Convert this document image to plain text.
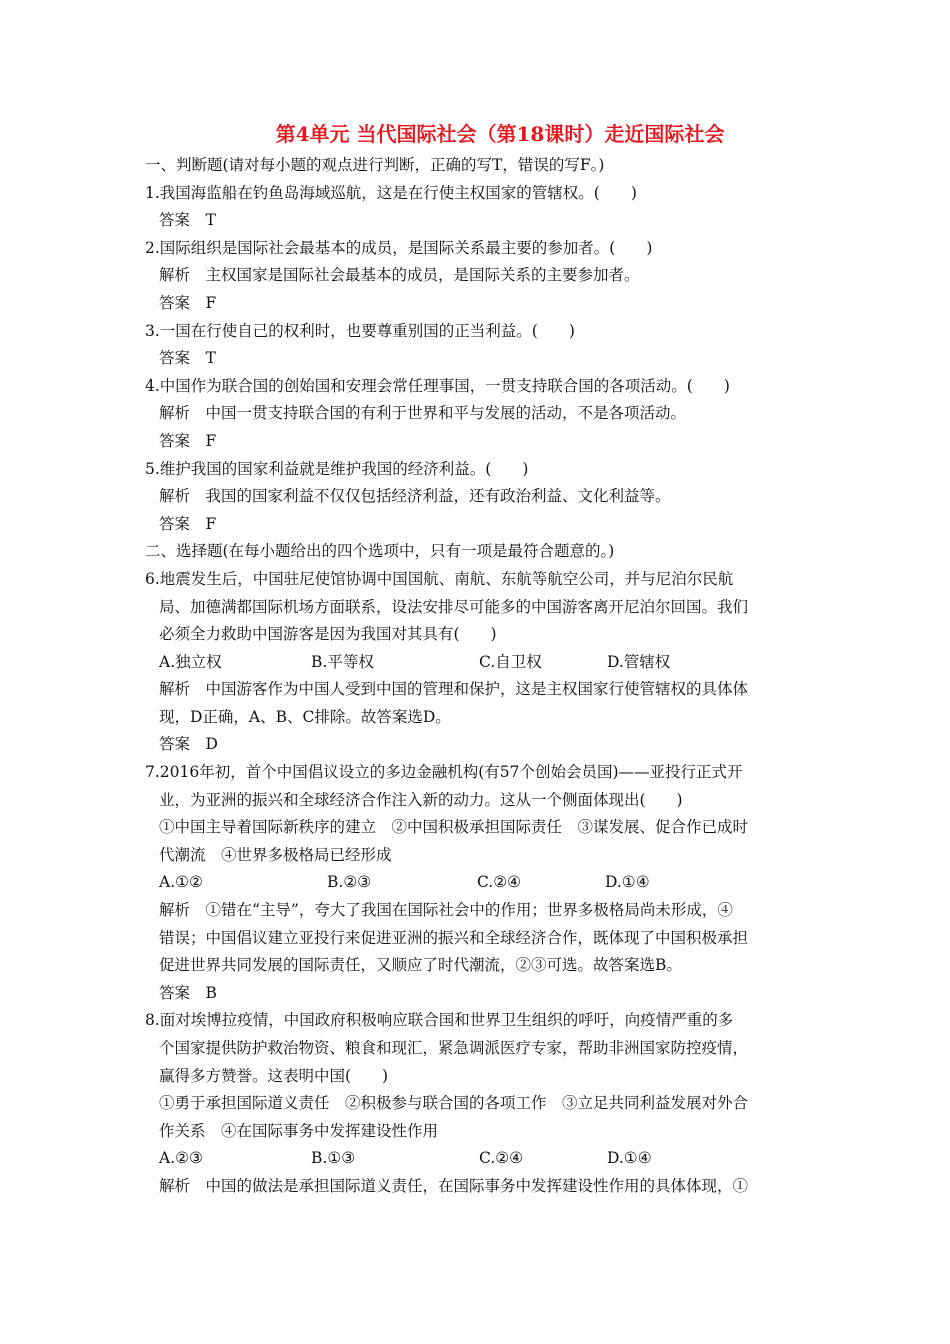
第4单元 当代国际社会（第18课时）走近国际社会
一、判断题(请对每小题的观点进行判断，正确的写T，错误的写F。)
1.我国海监船在钓鱼岛海域巡航，这是在行使主权国家的管辖权。(　　)
答案　T
2.国际组织是国际社会最基本的成员，是国际关系最主要的参加者。(　　)
解析　主权国家是国际社会最基本的成员，是国际关系的主要参加者。
答案　F
3.一国在行使自己的权利时，也要尊重别国的正当利益。(　　)
答案　T
4.中国作为联合国的创始国和安理会常任理事国，一贯支持联合国的各项活动。(　　)
解析　中国一贯支持联合国的有利于世界和平与发展的活动，不是各项活动。
答案　F
5.维护我国的国家利益就是维护我国的经济利益。(　　)
解析　我国的国家利益不仅仅包括经济利益，还有政治利益、文化利益等。
答案　F
二、选择题(在每小题给出的四个选项中，只有一项是最符合题意的。)
6.地震发生后，中国驻尼使馆协调中国国航、南航、东航等航空公司，并与尼泊尔民航
局、加德满都国际机场方面联系，设法安排尽可能多的中国游客离开尼泊尔回国。我们
必须全力救助中国游客是因为我国对其具有(　　)
A.独立权	B.平等权	C.自卫权	D.管辖权
解析　中国游客作为中国人受到中国的管理和保护，这是主权国家行使管辖权的具体体
现，D正确，A、B、C排除。故答案选D。
答案　D
7.2016年初，首个中国倡议设立的多边金融机构(有57个创始会员国)——亚投行正式开
业，为亚洲的振兴和全球经济合作注入新的动力。这从一个侧面体现出(　　)
①中国主导着国际新秩序的建立　②中国积极承担国际责任　③谋发展、促合作已成时
代潮流　④世界多极格局已经形成
A.①②	B.②③	C.②④	D.①④
解析　①错在“主导”，夸大了我国在国际社会中的作用；世界多极格局尚未形成，④
错误；中国倡议建立亚投行来促进亚洲的振兴和全球经济合作，既体现了中国积极承担
促进世界共同发展的国际责任，又顺应了时代潮流，②③可选。故答案选B。
答案　B
8.面对埃博拉疫情，中国政府积极响应联合国和世界卫生组织的呼吁，向疫情严重的多
个国家提供防护救治物资、粮食和现汇，紧急调派医疗专家，帮助非洲国家防控疫情，
赢得多方赞誉。这表明中国(　　)
①勇于承担国际道义责任　②积极参与联合国的各项工作　③立足共同利益发展对外合
作关系　④在国际事务中发挥建设性作用
A.②③	B.①③	C.②④	D.①④
解析　中国的做法是承担国际道义责任，在国际事务中发挥建设性作用的具体体现，①
